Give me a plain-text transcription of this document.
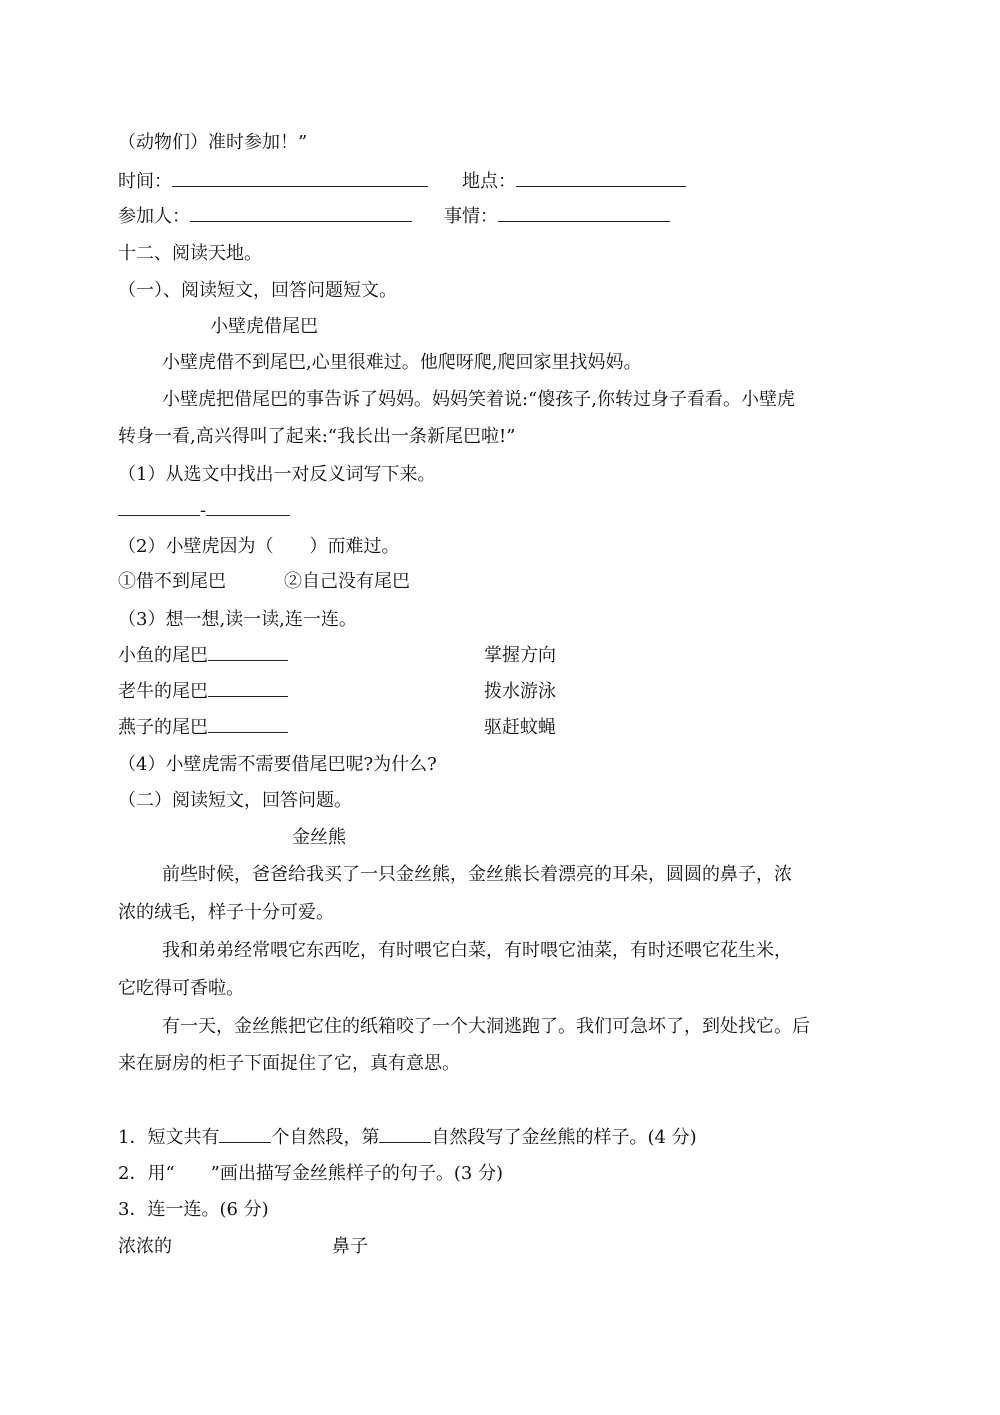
（动物们）准时参加！”
时间：	地点：
参加人：	事情：
十二、阅读天地。
（一）、阅读短文，回答问题短文。
小壁虎借尾巴
小壁虎借不到尾巴,心里很难过。他爬呀爬,爬回家里找妈妈。
小壁虎把借尾巴的事告诉了妈妈。妈妈笑着说:“傻孩子,你转过身子看看。小壁虎
转身一看,高兴得叫了起来:“我长出一条新尾巴啦!”
（1）从选文中找出一对反义词写下来。
-
（2）小壁虎因为（　　）而难过。
①借不到尾巴	②自己没有尾巴
（3）想一想,读一读,连一连。
小鱼的尾巴	掌握方向
老牛的尾巴	拨水游泳
燕子的尾巴	驱赶蚊蝇
（4）小壁虎需不需要借尾巴呢?为什么?
（二）阅读短文，回答问题。
金丝熊
前些时候，爸爸给我买了一只金丝熊，金丝熊长着漂亮的耳朵，圆圆的鼻子，浓
浓的绒毛，样子十分可爱。
我和弟弟经常喂它东西吃，有时喂它白菜，有时喂它油菜，有时还喂它花生米，
它吃得可香啦。
有一天，金丝熊把它住的纸箱咬了一个大洞逃跑了。我们可急坏了，到处找它。后
来在厨房的柜子下面捉住了它，真有意思。
1．短文共有	个自然段，第	自然段写了金丝熊的样子。(4 分)
2．用“　　”画出描写金丝熊样子的句子。(3 分)
3．连一连。(6 分)
浓浓的	鼻子
